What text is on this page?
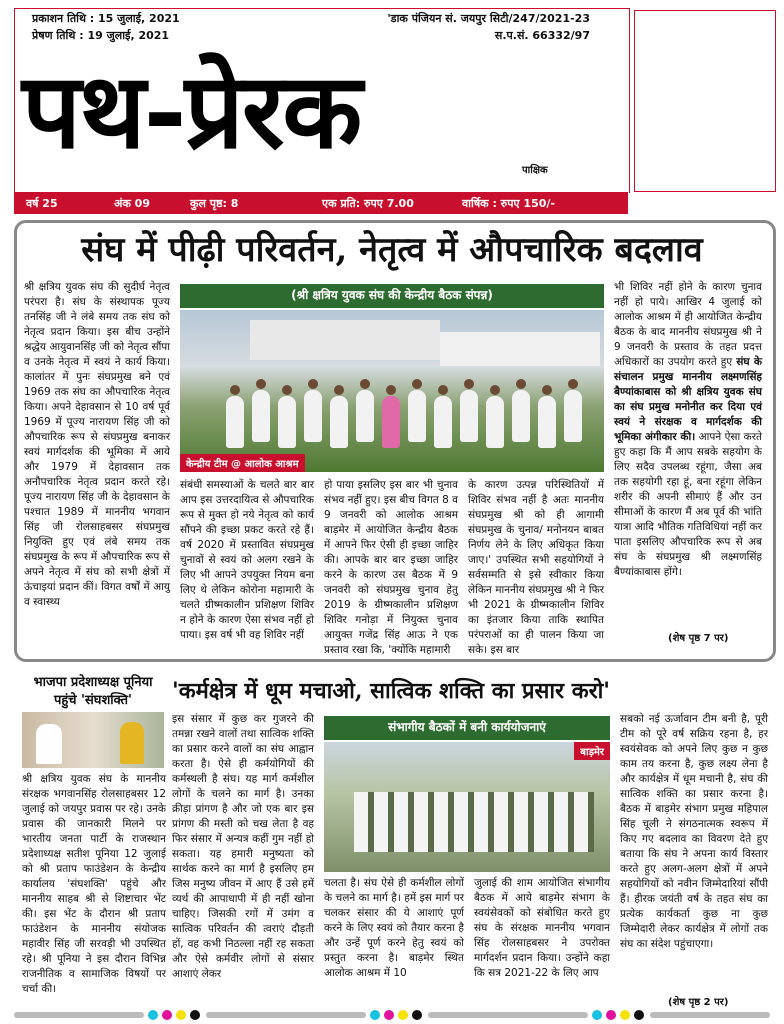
प्रकाशन तिथि : 15 जुलाई, 2021
प्रेषण तिथि : 19 जुलाई, 2021
'डाक पंजियन सं. जयपुर सिटी/247/2021-23
स.प.सं. 66332/97
पथ-प्रेरक	पाक्षिक
वर्ष 25	अंक 09	कुल पृष्ठ: 8	एक प्रति: रुपए 7.00	वार्षिक : रुपए 150/-
संघ में पीढ़ी परिवर्तन, नेतृत्व में औपचारिक बदलाव
श्री क्षत्रिय युवक संघ की सुदीर्घ नेतृत्व परंपरा है। संघ के संस्थापक पूज्य तनसिंह जी ने लंबे समय तक संघ को नेतृत्व प्रदान किया। इस बीच उन्होंने श्रद्धेय आयुवानसिंह जी को नेतृत्व सौंपा व उनके नेतृत्व में स्वयं ने कार्य किया। कालांतर में पुनः संघप्रमुख बने एवं 1969 तक संघ का औपचारिक नेतृत्व किया। अपने देहावसान से 10 वर्ष पूर्व 1969 में पूज्य नारायण सिंह जी को औपचारिक रूप से संघप्रमुख बनाकर स्वयं मार्गदर्शक की भूमिका में आये और 1979 में देहावसान तक अनौपचारिक नेतृत्व प्रदान करते रहे। पूज्य नारायण सिंह जी के देहावसान के पश्चात 1989 में माननीय भगवान सिंह जी रोलसाहबसर संघप्रमुख नियुक्ति हुए एवं लंबे समय तक संघप्रमुख के रूप में औपचारिक रूप से अपने नेतृत्व में संघ को सभी क्षेत्रों में ऊंचाइयां प्रदान कीं। विगत वर्षों में आयु व स्वास्थ्य
(श्री क्षत्रिय युवक संघ की केन्द्रीय बैठक संपन्न)
केन्द्रीय टीम @ आलोक आश्रम
संबंधी समस्याओं के चलते बार बार आप इस उत्तरदायित्व से औपचारिक रूप से मुक्त हो नये नेतृत्व को कार्य सौंपने की इच्छा प्रकट करते रहे हैं। वर्ष 2020 में प्रस्तावित संघप्रमुख चुनावों से स्वयं को अलग रखने के लिए भी आपने उपयुक्त नियम बना लिए थे लेकिन कोरोना महामारी के चलते ग्रीष्मकालीन प्रशिक्षण शिविर न होने के कारण ऐसा संभव नहीं हो पाया। इस वर्ष भी वह शिविर नहीं
हो पाया इसलिए इस बार भी चुनाव संभव नहीं हुए। इस बीच विगत 8 व 9 जनवरी को आलोक आश्रम बाड़मेर में आयोजित केन्द्रीय बैठक में आपने फिर ऐसी ही इच्छा जाहिर की। आपके बार बार इच्छा जाहिर करने के कारण उस बैठक में 9 जनवरी को संघप्रमुख चुनाव हेतु 2019 के ग्रीष्मकालीन प्रशिक्षण शिविर गनोड़ा में नियुक्त चुनाव आयुक्त गजेंद्र सिंह आऊ ने एक प्रस्ताव रखा कि, 'क्योंकि महामारी
के कारण उत्पन्न परिस्थितियों में शिविर संभव नहीं है अतः माननीय संघप्रमुख श्री को ही आगामी संघप्रमुख के चुनाव/ मनोनयन बाबत निर्णय लेने के लिए अधिकृत किया जाए।' उपस्थित सभी सहयोगियों ने सर्वसम्मति से इसे स्वीकार किया लेकिन माननीय संघप्रमुख श्री ने फिर भी 2021 के ग्रीष्मकालीन शिविर का इंतजार किया ताकि स्थापित परंपराओं का ही पालन किया जा सके। इस बार
भी शिविर नहीं होने के कारण चुनाव नहीं हो पाये। आखिर 4 जुलाई को आलोक आश्रम में ही आयोजित केन्द्रीय बैठक के बाद माननीय संघप्रमुख श्री ने 9 जनवरी के प्रस्ताव के तहत प्रदत्त अधिकारों का उपयोग करते हुए संघ के संचालन प्रमुख माननीय लक्ष्मणसिंह बैण्यांकाबास को श्री क्षत्रिय युवक संघ का संघ प्रमुख मनोनीत कर दिया एवं स्वयं ने संरक्षक व मार्गदर्शक की भूमिका अंगीकार की। आपने ऐसा करते हुए कहा कि मैं आप सबके सहयोग के लिए सदैव उपलब्ध रहूंगा, जैसा अब तक सहयोगी रहा हूं, बना रहूंगा लेकिन शरीर की अपनी सीमाएं हैं और उन सीमाओं के कारण मैं अब पूर्व की भांति यात्रा आदि भौतिक गतिविधियां नहीं कर पाता इसलिए औपचारिक रूप से अब संघ के संघप्रमुख श्री लक्ष्मणसिंह बैण्यांकाबास होंगे।
(शेष पृष्ठ 7 पर)
भाजपा प्रदेशाध्यक्ष पूनिया पहुंचे 'संघशक्ति'
श्री क्षत्रिय युवक संघ के माननीय संरक्षक भगवानसिंह रोलसाहबसर 12 जुलाई को जयपुर प्रवास पर रहे। उनके प्रवास की जानकारी मिलने पर भारतीय जनता पार्टी के राजस्थान प्रदेशाध्यक्ष सतीश पूनिया 12 जुलाई को श्री प्रताप फाउंडेशन के केन्द्रीय कार्यालय 'संघशक्ति' पहुंचे और माननीय साहब श्री से शिष्टाचार भेंट की। इस भेंट के दौरान श्री प्रताप फाउंडेशन के माननीय संयोजक महावीर सिंह जी सरवड़ी भी उपस्थित रहे। श्री पूनिया ने इस दौरान विभिन्न राजनीतिक व सामाजिक विषयों पर चर्चा की।
'कर्मक्षेत्र में धूम मचाओ, सात्विक शक्ति का प्रसार करो'
इस संसार में कुछ कर गुजरने की तमन्ना रखने वालों तथा सात्विक शक्ति का प्रसार करने वालों का संघ आह्वान करता है। ऐसे ही कर्मयोगियों की कर्मस्थली है संघ। यह मार्ग कर्मशील लोगों के चलने का मार्ग है। उनका क्रीड़ा प्रांगण है और जो एक बार इस प्रांगण की मस्ती को चख लेता है वह फिर संसार में अन्यत्र कहीं गुम नहीं हो सकता। यह हमारी मनुष्यता को सार्थक करने का मार्ग है इसलिए हम जिस मनुष्य जीवन में आए हैं उसे हमें व्यर्थ की आपाधापी में ही नहीं खोना चाहिए। जिसकी रगों में उमंग व सात्विक परिवर्तन की त्वराएं दौड़ती हों, वह कभी निठल्ला नहीं रह सकता और ऐसे कर्मवीर लोगों से संसार आशाएं लेकर
संभागीय बैठकों में बनी कार्ययोजनाएं
बाड़मेर
चलता है। संघ ऐसे ही कर्मशील लोगों के चलने का मार्ग है। हमें इस मार्ग पर चलकर संसार की ये आशाएं पूर्ण करने के लिए स्वयं को तैयार करना है और उन्हें पूर्ण करने हेतु स्वयं को प्रस्तुत करना है। बाड़मेर स्थित आलोक आश्रम में 10
जुलाई की शाम आयोजित संभागीय बैठक में आये बाड़मेर संभाग के स्वयंसेवकों को संबोधित करते हुए संघ के संरक्षक माननीय भगवान सिंह रोलसाहबसर ने उपरोक्त मार्गदर्शन प्रदान किया। उन्होंने कहा कि सत्र 2021-22 के लिए आप
सबको नई ऊर्जावान टीम बनी है, पूरी टीम को पूरे वर्ष सक्रिय रहना है, हर स्वयंसेवक को अपने लिए कुछ न कुछ काम तय करना है, कुछ लक्ष्य लेना है और कार्यक्षेत्र में धूम मचानी है, संघ की सात्विक शक्ति का प्रसार करना है। बैठक में बाड़मेर संभाग प्रमुख महिपाल सिंह चूली ने संगठनात्मक स्वरूप में किए गए बदलाव का विवरण देते हुए बताया कि संघ ने अपना कार्य विस्तार करते हुए अलग-अलग क्षेत्रों में अपने सहयोगियों को नवीन जिम्मेदारियां सौंपी हैं। हीरक जयंती वर्ष के तहत संघ का प्रत्येक कार्यकर्ता कुछ ना कुछ जिम्मेदारी लेकर कार्यक्षेत्र में लोगों तक संघ का संदेश पहुंचाएगा।
(शेष पृष्ठ 2 पर)
